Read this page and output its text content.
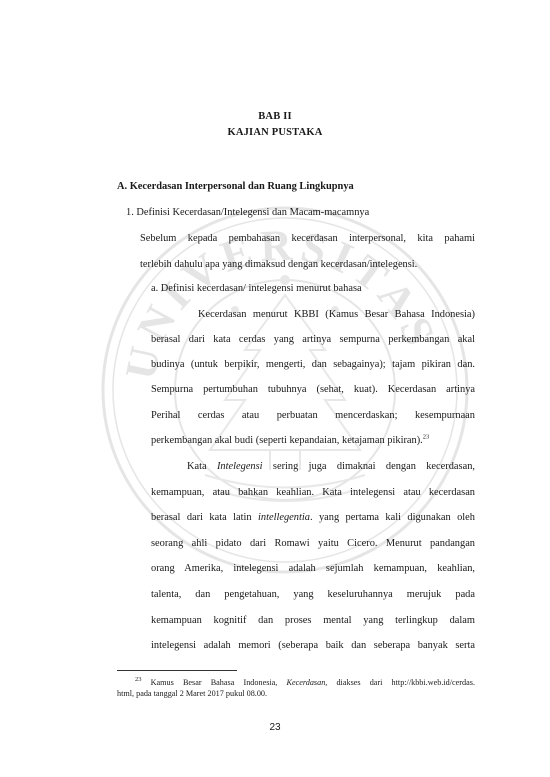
UNIVERSITAS
BAB II
KAJIAN PUSTAKA
A. Kecerdasan Interpersonal dan Ruang Lingkupnya
1. Definisi Kecerdasan/Intelegensi dan Macam-macamnya
Sebelum kepada pembahasan kecerdasan interpersonal, kita pahami
terlebih dahulu apa yang dimaksud dengan kecerdasan/intelegensi.
a. Definisi kecerdasan/ intelegensi menurut bahasa
Kecerdasan menurut KBBI (Kamus Besar Bahasa Indonesia)
berasal dari kata cerdas yang artinya sempurna perkembangan akal
budinya (untuk berpikir, mengerti, dan sebagainya); tajam pikiran dan.
Sempurna pertumbuhan tubuhnya (sehat, kuat). Kecerdasan artinya
Perihal cerdas atau perbuatan mencerdaskan; kesempurnaan
perkembangan akal budi (seperti kepandaian, ketajaman pikiran).$^{23}$
Kata Intelegensi sering juga dimaknai dengan kecerdasan,
kemampuan, atau bahkan keahlian. Kata intelegensi atau kecerdasan
berasal dari kata latin intellegentia. yang pertama kali digunakan oleh
seorang ahli pidato dari Romawi yaitu Cicero. Menurut pandangan
orang Amerika, intelegensi adalah sejumlah kemampuan, keahlian,
talenta, dan pengetahuan, yang keseluruhannya merujuk pada
kemampuan kognitif dan proses mental yang terlingkup dalam
intelegensi adalah memori (seberapa baik dan seberapa banyak serta
$^{23}$ Kamus Besar Bahasa Indonesia, Kecerdasan, diakses dari http://kbbi.web.id/cerdas.
html, pada tanggal 2 Maret 2017 pukul 08.00.
23
